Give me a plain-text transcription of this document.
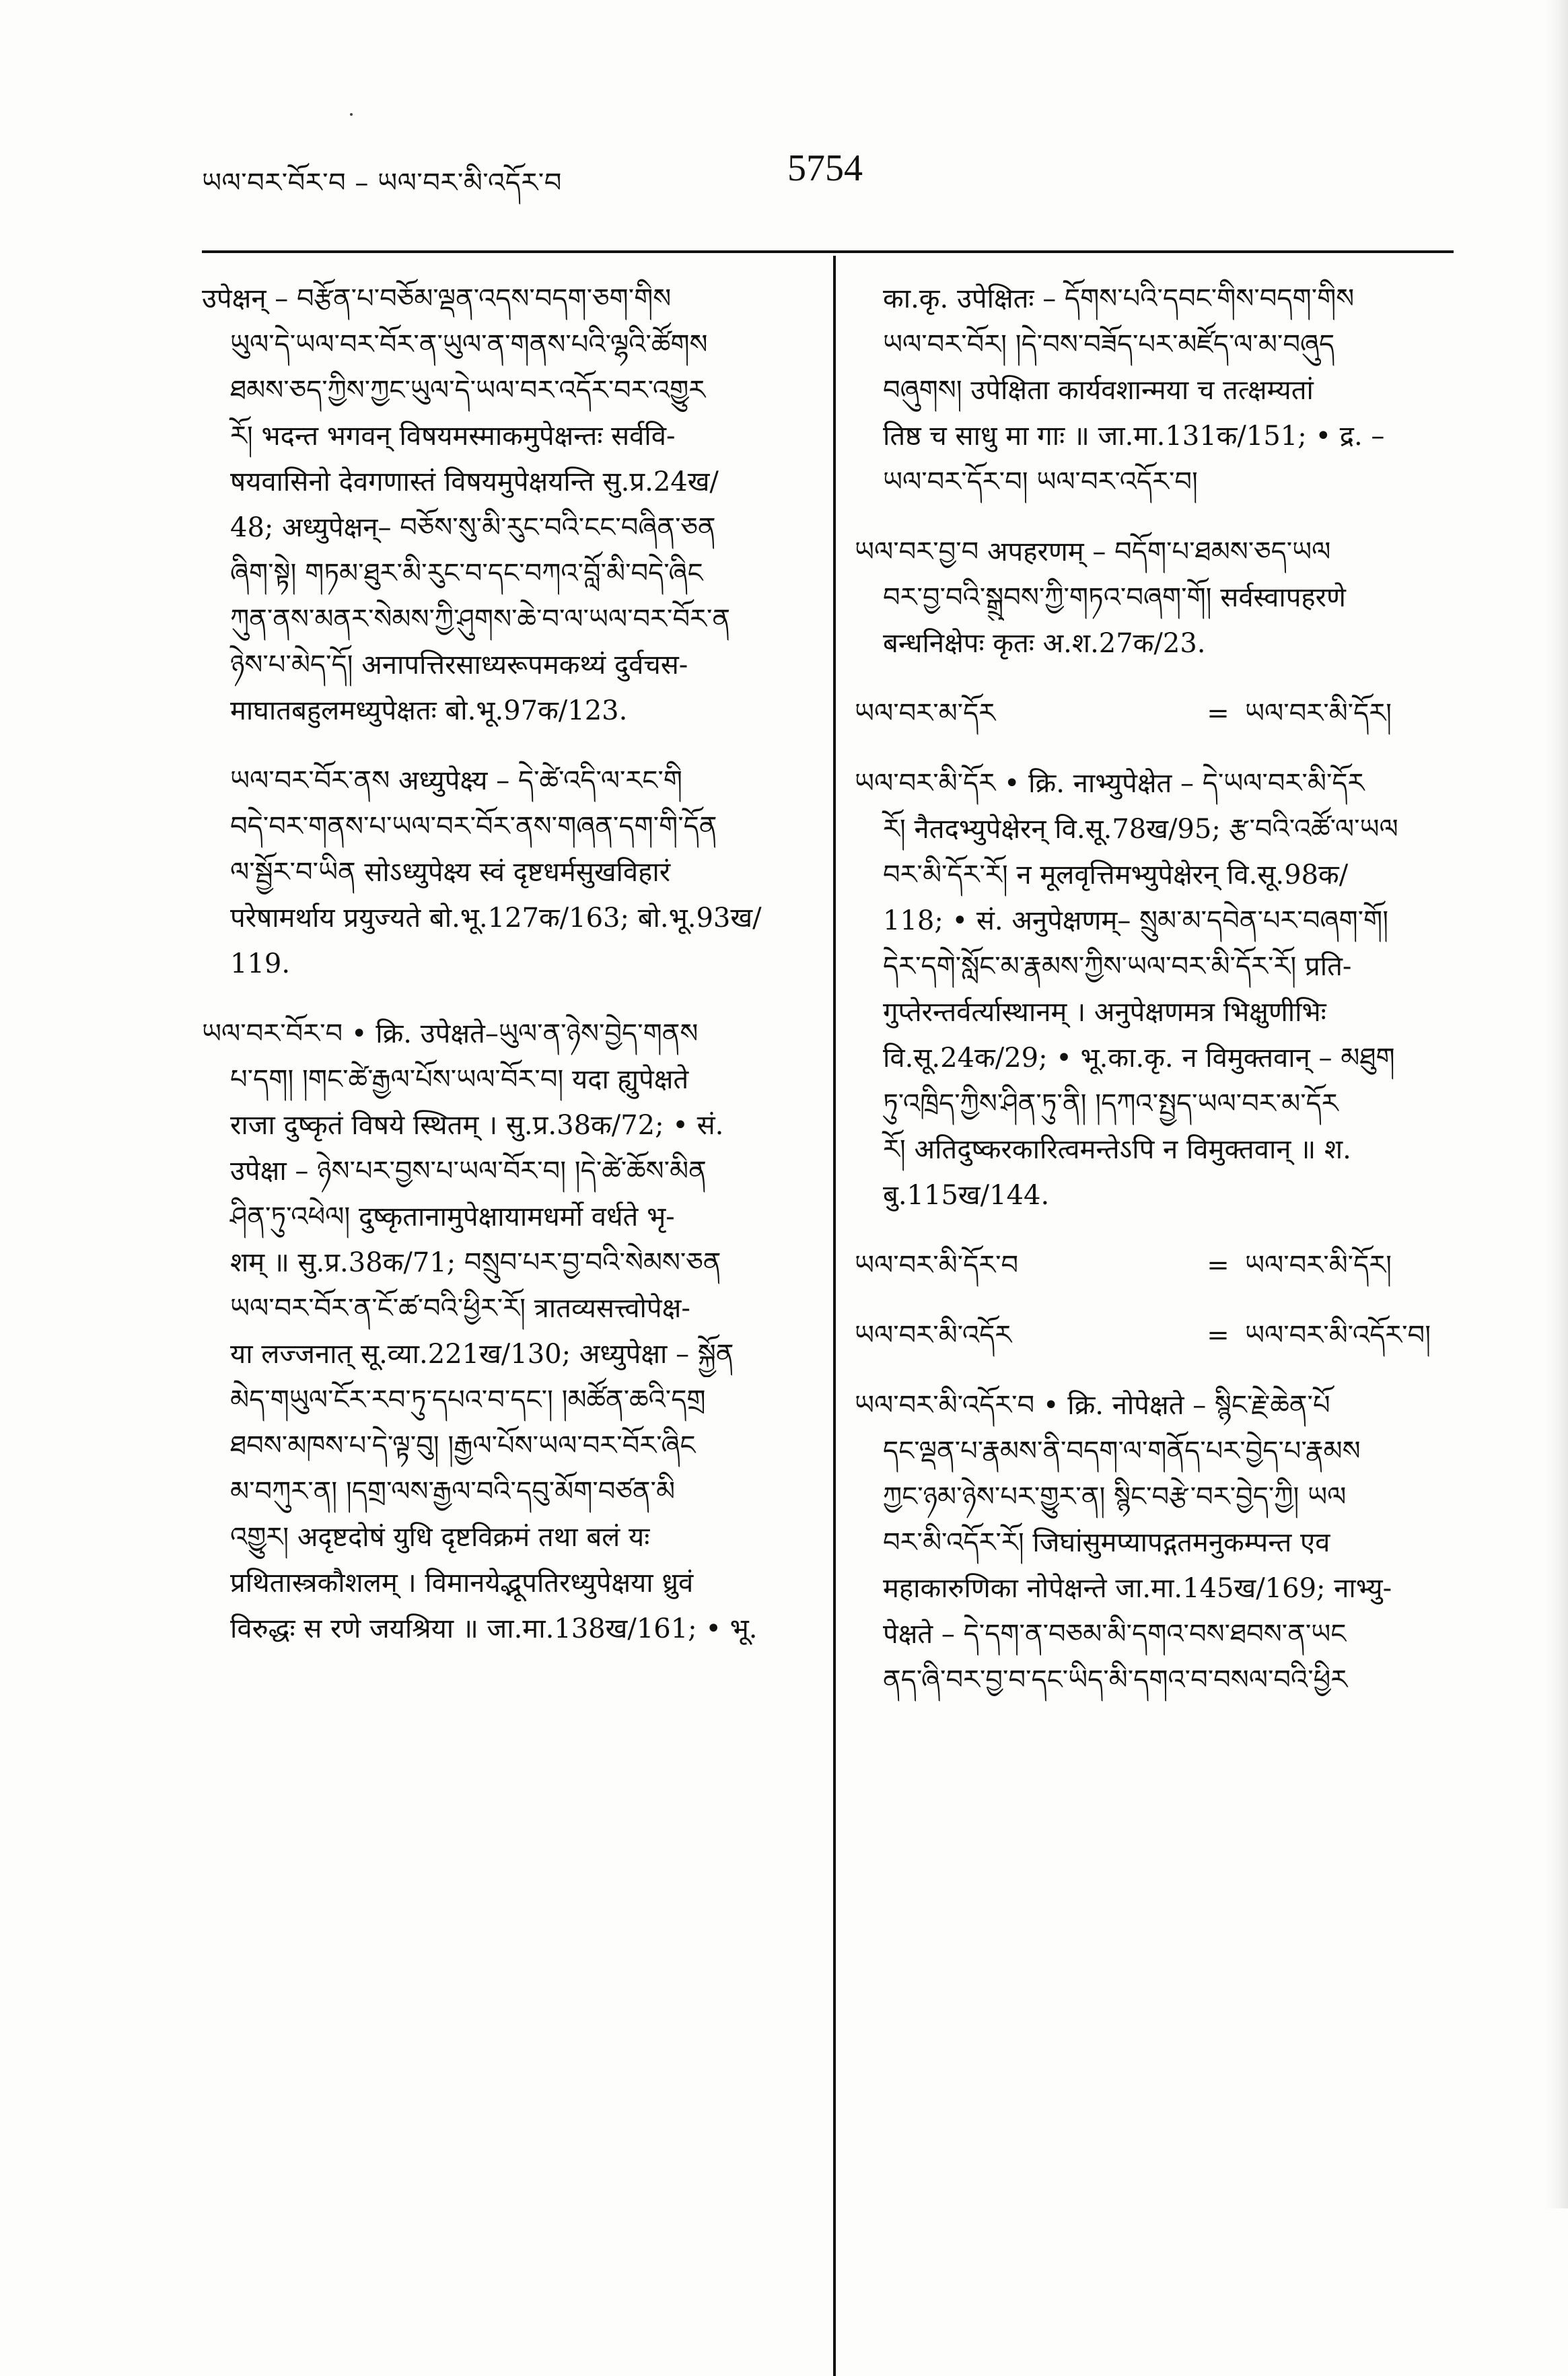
ཡལ་བར་བོར་བ – ཡལ་བར་མི་འདོར་བ	5754
उपेक्षन् – བརྩོན་པ་བཅོམ་ལྡན་འདས་བདག་ཅག་གིས
ཡུལ་དེ་ཡལ་བར་བོར་ན་ཡུལ་ན་གནས་པའི་ལྷའི་ཚོགས
ཐམས་ཅད་ཀྱིས་ཀྱང་ཡུལ་དེ་ཡལ་བར་འདོར་བར་འགྱུར
རོ། भदन्त भगवन् विषयमस्माकमुपेक्षन्तः सर्ववि-
षयवासिनो देवगणास्तं विषयमुपेक्षयन्ति सु.प्र.24ख/
48; अध्युपेक्षन्– བཅོས་སུ་མི་རུང་བའི་ངང་བཞིན་ཅན
ཞིག་སྟེ། གཏམ་ཐུར་མི་རུང་བ་དང་བཀའ་བློ་མི་བདེ་ཞིང
ཀུན་ནས་མནར་སེམས་ཀྱི་ཤུགས་ཆེ་བ་ལ་ཡལ་བར་བོར་ན
ཉེས་པ་མེད་དོ། अनापत्तिरसाध्यरूपमकथ्यं दुर्वचस-
माघातबहुलमध्युपेक्षतः बो.भू.97क/123.
ཡལ་བར་བོར་ནས अध्युपेक्ष्य – དེ་ཚེ་འདི་ལ་རང་གི
བདེ་བར་གནས་པ་ཡལ་བར་བོར་ནས་གཞན་དག་གི་དོན
ལ་སྦྱོར་བ་ཡིན सोऽध्युपेक्ष्य स्वं दृष्टधर्मसुखविहारं
परेषामर्थाय प्रयुज्यते बो.भू.127क/163; बो.भू.93ख/
119.
ཡལ་བར་བོར་བ • क्रि. उपेक्षते–ཡུལ་ན་ཉེས་བྱེད་གནས
པ་དག། །གང་ཚེ་རྒྱལ་པོས་ཡལ་བོར་བ། यदा ह्युपेक्षते
राजा दुष्कृतं विषये स्थितम् । सु.प्र.38क/72; • सं.
उपेक्षा – ཉེས་པར་བྱས་པ་ཡལ་བོར་བ། །དེ་ཚེ་ཆོས་མིན
ཤིན་ཏུ་འཕེལ། दुष्कृतानामुपेक्षायामधर्मो वर्धते भृ-
शम् ॥ सु.प्र.38क/71; བསྲུབ་པར་བྱ་བའི་སེམས་ཅན
ཡལ་བར་བོར་ན་ངོ་ཚ་བའི་ཕྱིར་རོ། त्रातव्यसत्त्वोपेक्ष-
या लज्जनात् सू.व्या.221ख/130; अध्युपेक्षा – སྐྱོན
མེད་གཡུལ་ངོར་རབ་ཏུ་དཔའ་བ་དང་། །མཚོན་ཆའི་དགྲ
ཐབས་མཁས་པ་དེ་ལྟ་བུ། །རྒྱལ་པོས་ཡལ་བར་བོར་ཞིང
མ་བཀུར་ན། །དགྲ་ལས་རྒྱལ་བའི་དབུ་མོག་བཙན་མི
འགྱུར། अदृष्टदोषं युधि दृष्टविक्रमं तथा बलं यः
प्रथितास्त्रकौशलम् । विमानयेद्भूपतिरध्युपेक्षया ध्रुवं
विरुद्धः स रणे जयश्रिया ॥ जा.मा.138ख/161; • भू.
का.कृ. उपेक्षितः – དོགས་པའི་དབང་གིས་བདག་གིས
ཡལ་བར་བོར། །དེ་བས་བཟོད་པར་མཛོད་ལ་མ་བཞུད
བཞུགས། उपेक्षिता कार्यवशान्मया च तत्क्षम्यतां
तिष्ठ च साधु मा गाः ॥ जा.मा.131क/151; • द्र. –
ཡལ་བར་དོར་བ། ཡལ་བར་འདོར་བ།
ཡལ་བར་བྱ་བ अपहरणम् – བདོག་པ་ཐམས་ཅད་ཡལ
བར་བྱ་བའི་སྒྲུབས་ཀྱི་གཏའ་བཞག་གོ། सर्वस्वापहरणे
बन्धनिक्षेपः कृतः अ.श.27क/23.
ཡལ་བར་མ་དོར	= ཡལ་བར་མི་དོར།
ཡལ་བར་མི་དོར • क्रि. नाभ्युपेक्षेत – དེ་ཡལ་བར་མི་དོར
རོ། नैतदभ्युपेक्षेरन् वि.सू.78ख/95; རྩ་བའི་འཚོ་ལ་ཡལ
བར་མི་དོར་རོ། न मूलवृत्तिमभ्युपेक्षेरन् वि.सू.98क/
118; • सं. अनुपेक्षणम्– སྲུམ་མ་དབེན་པར་བཞག་གོ།
དེར་དགེ་སློང་མ་རྣམས་ཀྱིས་ཡལ་བར་མི་དོར་རོ། प्रति-
गुप्तेरन्तर्वर्त्यास्थानम् । अनुपेक्षणमत्र भिक्षुणीभिः
वि.सू.24क/29; • भू.का.कृ. न विमुक्तवान् – མཐུག
ཏུ་འཁྲིད་ཀྱིས་ཤིན་ཏུ་ནི། །དཀའ་སྤྱད་ཡལ་བར་མ་དོར
རོ། अतिदुष्करकारित्वमन्तेऽपि न विमुक्तवान् ॥ श.
बु.115ख/144.
ཡལ་བར་མི་དོར་བ	= ཡལ་བར་མི་དོར།
ཡལ་བར་མི་འདོར	= ཡལ་བར་མི་འདོར་བ།
ཡལ་བར་མི་འདོར་བ • क्रि. नोपेक्षते – སྙིང་རྗེ་ཆེན་པོ
དང་ལྡན་པ་རྣམས་ནི་བདག་ལ་གནོད་པར་བྱེད་པ་རྣམས
ཀྱང་ཉམ་ཉེས་པར་གྱུར་ན། སྙིང་བརྩེ་བར་བྱེད་ཀྱི། ཡལ
བར་མི་འདོར་རོ། जिघांसुमप्यापद्गतमनुकम्पन्त एव
महाकारुणिका नोपेक्षन्ते जा.मा.145ख/169; नाभ्यु-
पेक्षते – དེ་དག་ན་བཅམ་མི་དགའ་བས་ཐབས་ན་ཡང
ནད་ཞི་བར་བྱ་བ་དང་ཡིད་མི་དགའ་བ་བསལ་བའི་ཕྱིར
